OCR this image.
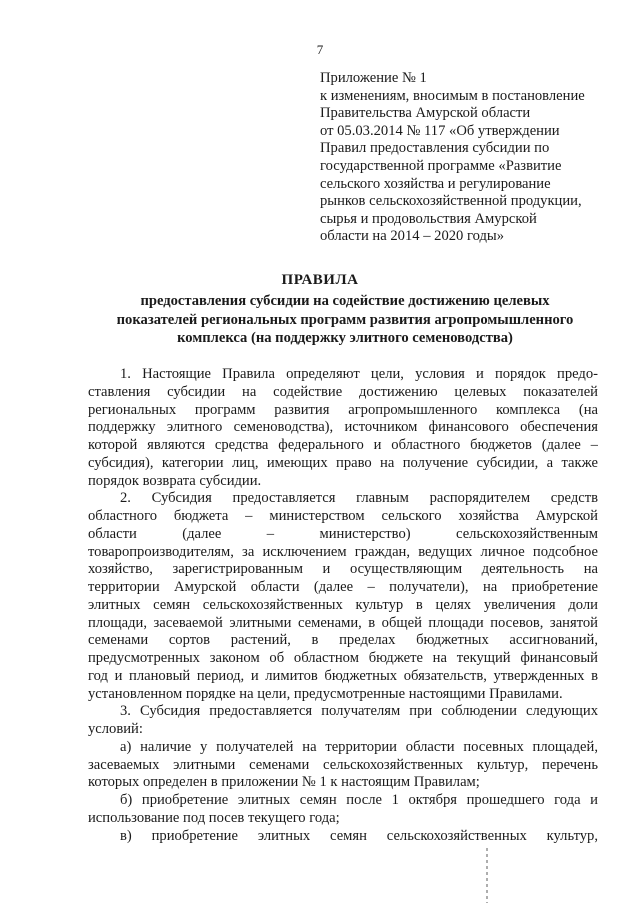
7
Приложение № 1
к изменениям, вносимым в постановление
Правительства Амурской области
от 05.03.2014 № 117 «Об утверждении
Правил предоставления субсидии по
государственной программе «Развитие
сельского хозяйства и регулирование
рынков сельскохозяйственной продукции,
сырья и продовольствия Амурской
области на 2014 – 2020 годы»
ПРАВИЛА
предоставления субсидии на содействие достижению целевых
показателей региональных программ развития агропромышленного
комплекса (на поддержку элитного семеноводства)
1. Настоящие Правила определяют цели, условия и порядок предо-
ставления субсидии на содействие достижению целевых показателей
региональных программ развития агропромышленного комплекса (на
поддержку элитного семеноводства), источником финансового обеспечения
которой являются средства федерального и областного бюджетов (далее –
субсидия), категории лиц, имеющих право на получение субсидии, а также
порядок возврата субсидии.
2. Субсидия предоставляется главным распорядителем средств
областного бюджета – министерством сельского хозяйства Амурской
области (далее – министерство) сельскохозяйственным
товаропроизводителям, за исключением граждан, ведущих личное подсобное
хозяйство, зарегистрированным и осуществляющим деятельность на
территории Амурской области (далее – получатели), на приобретение
элитных семян сельскохозяйственных культур в целях увеличения доли
площади, засеваемой элитными семенами, в общей площади посевов, занятой
семенами сортов растений, в пределах бюджетных ассигнований,
предусмотренных законом об областном бюджете на текущий финансовый
год и плановый период, и лимитов бюджетных обязательств, утвержденных в
установленном порядке на цели, предусмотренные настоящими Правилами.
3. Субсидия предоставляется получателям при соблюдении следующих
условий:
а) наличие у получателей на территории области посевных площадей,
засеваемых элитными семенами сельскохозяйственных культур, перечень
которых определен в приложении № 1 к настоящим Правилам;
б) приобретение элитных семян после 1 октября прошедшего года и
использование под посев текущего года;
в) приобретение элитных семян сельскохозяйственных культур,
